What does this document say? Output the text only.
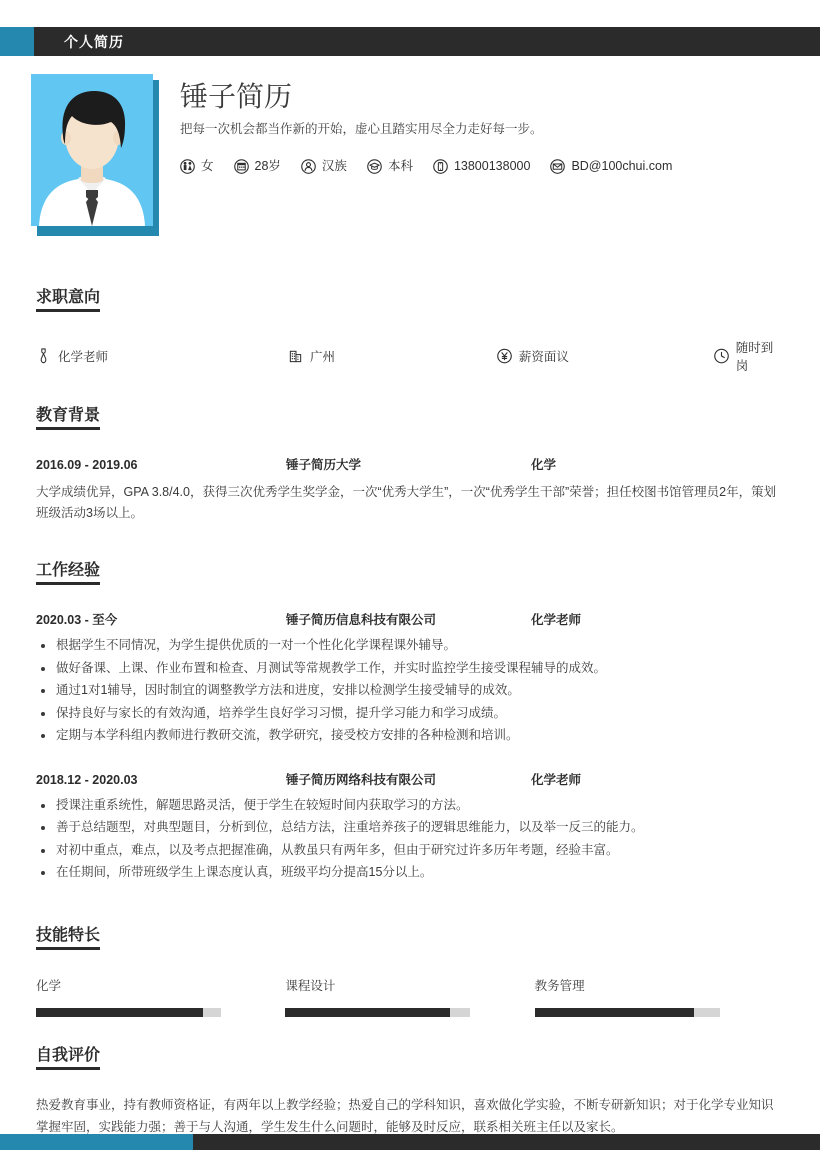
个人简历
锤子简历
把每一次机会都当作新的开始，虚心且踏实用尽全力走好每一步。
女	28岁	汉族	本科	13800138000	BD@100chui.com
求职意向
化学老师	广州	薪资面议
随时到岗
教育背景
2016.09 - 2019.06	锤子简历大学	化学
大学成绩优异，GPA 3.8/4.0，获得三次优秀学生奖学金，一次“优秀大学生”，一次“优秀学生干部”荣誉；担任校图书馆管理员2年，策划班级活动3场以上。
工作经验
2020.03 - 至今	锤子简历信息科技有限公司	化学老师
根据学生不同情况，为学生提供优质的一对一个性化化学课程课外辅导。
做好备课、上课、作业布置和检查、月测试等常规教学工作，并实时监控学生接受课程辅导的成效。
通过1对1辅导，因时制宜的调整教学方法和进度，安排以检测学生接受辅导的成效。
保持良好与家长的有效沟通，培养学生良好学习习惯，提升学习能力和学习成绩。
定期与本学科组内教师进行教研交流，教学研究，接受校方安排的各种检测和培训。
2018.12 - 2020.03	锤子简历网络科技有限公司	化学老师
授课注重系统性，解题思路灵活，便于学生在较短时间内获取学习的方法。
善于总结题型，对典型题目，分析到位，总结方法，注重培养孩子的逻辑思维能力，以及举一反三的能力。
对初中重点，难点，以及考点把握准确，从教虽只有两年多，但由于研究过许多历年考题，经验丰富。
在任期间，所带班级学生上课态度认真，班级平均分提高15分以上。
技能特长
化学	课程设计	教务管理
自我评价
热爱教育事业，持有教师资格证，有两年以上教学经验；热爱自己的学科知识，喜欢做化学实验，不断专研新知识；对于化学专业知识掌握牢固，实践能力强；善于与人沟通，学生发生什么问题时，能够及时反应，联系相关班主任以及家长。
